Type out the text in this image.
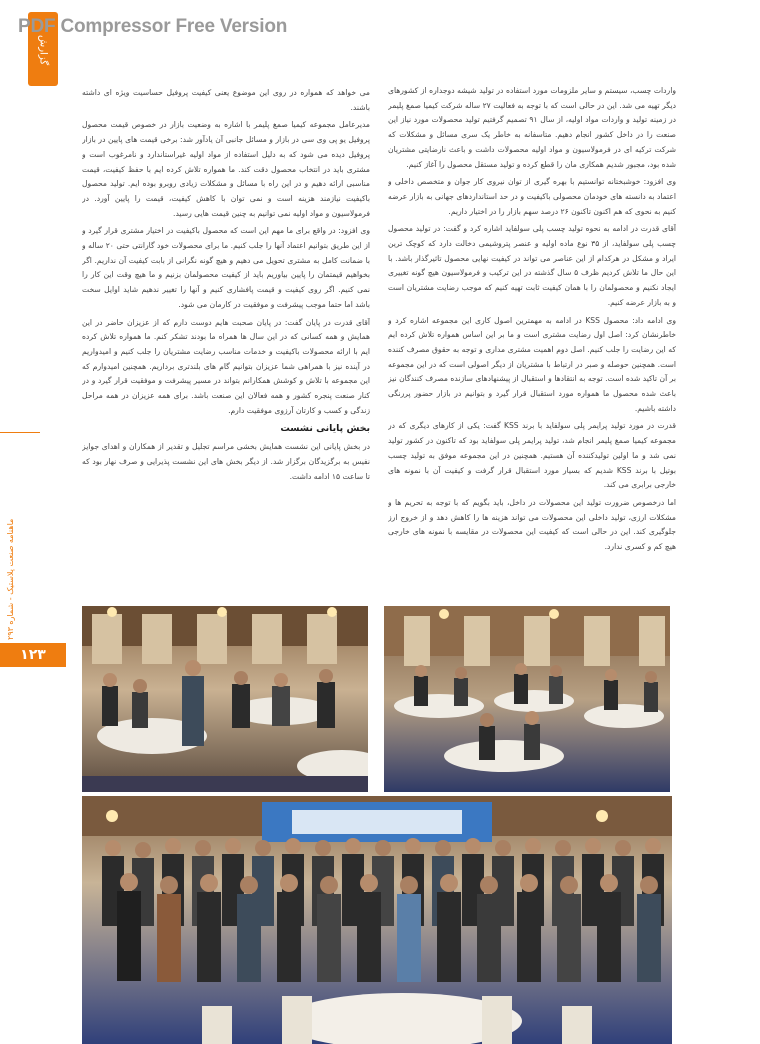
گزارش
PDF Compressor Free Version
ماهنامه صنعت پلاستیک - شماره ۲۹۳
۱۲۳

واردات چسب، سیستم و سایر ملزومات مورد استفاده در تولید شیشه دوجداره از کشورهای دیگر تهیه می شد. این در حالی است که با توجه به فعالیت ۲۷ ساله شرکت کیمیا صمغ پلیمر در زمینه تولید و واردات مواد اولیه، از سال ۹۱ تصمیم گرفتیم تولید محصولات مورد نیاز این صنعت را در داخل کشور انجام دهیم. متاسفانه به خاطر یک سری مسائل و مشکلات که شرکت ترکیه ای در فرمولاسیون و مواد اولیه محصولات داشت و باعث نارضایتی مشتریان شده بود، مجبور شدیم همکاری مان را قطع کرده و تولید مستقل محصول را آغاز کنیم.

وی افزود: خوشبختانه توانستیم با بهره گیری از توان نیروی کار جوان و متخصص داخلی و اعتماد به دانسته های خودمان محصولی باکیفیت و در حد استانداردهای جهانی به بازار عرضه کنیم به نحوی که هم اکنون تاکنون ۲۶ درصد سهم بازار را در اختیار داریم.

آقای قدرت در ادامه به نحوه تولید چسب پلی سولفاید اشاره کرد و گفت: در تولید محصول چسب پلی سولفاید، از ۳۵ نوع ماده اولیه و عنصر پتروشیمی دخالت دارد که کوچک ترین ایراد و مشکل در هرکدام از این عناصر می تواند در کیفیت نهایی محصول تاثیرگذار باشد. با این حال ما تلاش کردیم ظرف ۵ سال گذشته در این ترکیب و فرمولاسیون هیچ گونه تغییری ایجاد نکنیم و محصولمان را با همان کیفیت ثابت تهیه کنیم که موجب رضایت مشتریان است و به بازار عرضه کنیم.

وی ادامه داد: محصول KSS در ادامه به مهمترین اصول کاری این مجموعه اشاره کرد و خاطرنشان کرد: اصل اول رضایت مشتری است و ما بر این اساس همواره تلاش کرده ایم که این رضایت را جلب کنیم. اصل دوم اهمیت مشتری مداری و توجه به حقوق مصرف کننده است. همچنین حوصله و صبر در ارتباط با مشتریان از دیگر اصولی است که در این مجموعه بر آن تاکید شده است. توجه به انتقادها و استقبال از پیشنهادهای سازنده مصرف کنندگان نیز باعث شده محصول ما همواره مورد استقبال قرار گیرد و بتوانیم در بازار حضور پررنگی داشته باشیم.

قدرت در مورد تولید پرایمر پلی سولفاید با برند KSS گفت: یکی از کارهای دیگری که در مجموعه کیمیا صمغ پلیمر انجام شد، تولید پرایمر پلی سولفاید بود که تاکنون در کشور تولید نمی شد و ما اولین تولیدکننده آن هستیم. همچنین در این مجموعه موفق به تولید چسب بوتیل با برند KSS شدیم که بسیار مورد استقبال قرار گرفت و کیفیت آن با نمونه های خارجی برابری می کند.

اما درخصوص ضرورت تولید این محصولات در داخل، باید بگویم که با توجه به تحریم ها و مشکلات ارزی، تولید داخلی این محصولات می تواند هزینه ها را کاهش دهد و از خروج ارز جلوگیری کند. این در حالی است که کیفیت این محصولات در مقایسه با نمونه های خارجی هیچ کم و کسری ندارد.

می خواهد که همواره در روی این موضوع یعنی کیفیت پروفیل حساسیت ویژه ای داشته باشند.

مدیرعامل مجموعه کیمیا صمغ پلیمر با اشاره به وضعیت بازار در خصوص قیمت محصول پروفیل یو پی وی سی در بازار و مسائل جانبی آن یادآور شد: برخی قیمت های پایین در بازار پروفیل دیده می شود که به دلیل استفاده از مواد اولیه غیراستاندارد و نامرغوب است و مشتری باید در انتخاب محصول دقت کند. ما همواره تلاش کرده ایم با حفظ کیفیت، قیمت مناسبی ارائه دهیم و در این راه با مسائل و مشکلات زیادی روبرو بوده ایم. تولید محصول باکیفیت نیازمند هزینه است و نمی توان با کاهش کیفیت، قیمت را پایین آورد. در فرمولاسیون و مواد اولیه نمی توانیم به چنین قیمت هایی رسید.

وی افزود: در واقع برای ما مهم این است که محصول باکیفیت در اختیار مشتری قرار گیرد و از این طریق بتوانیم اعتماد آنها را جلب کنیم. ما برای محصولات خود گارانتی حتی ۲۰ ساله و با ضمانت کامل به مشتری تحویل می دهیم و هیچ گونه نگرانی از بابت کیفیت آن نداریم. اگر بخواهیم قیمتمان را پایین بیاوریم باید از کیفیت محصولمان بزنیم و ما هیچ وقت این کار را نمی کنیم. اگر روی کیفیت و قیمت پافشاری کنیم و آنها را تغییر ندهیم شاید اوایل سخت باشد اما حتما موجب پیشرفت و موفقیت در کارمان می شود.

آقای قدرت در پایان گفت: در پایان صحبت هایم دوست دارم که از عزیزان حاضر در این همایش و همه کسانی که در این سال ها همراه ما بودند تشکر کنم. ما همواره تلاش کرده ایم با ارائه محصولات باکیفیت و خدمات مناسب رضایت مشتریان را جلب کنیم و امیدواریم در آینده نیز با همراهی شما عزیزان بتوانیم گام های بلندتری برداریم. همچنین امیدوارم که این مجموعه با تلاش و کوشش همکارانم بتواند در مسیر پیشرفت و موفقیت قرار گیرد و در کنار صنعت پنجره کشور و همه فعالان این صنعت باشد. برای همه عزیزان در همه مراحل زندگی و کسب و کارتان آرزوی موفقیت دارم.

بخش پایانی نشست

در بخش پایانی این نشست همایش بخشی مراسم تجلیل و تقدیر از همکاران و اهدای جوایز نفیس به برگزیدگان برگزار شد. از دیگر بخش های این نشست پذیرایی و صرف نهار بود که تا ساعت ۱۵ ادامه داشت.
